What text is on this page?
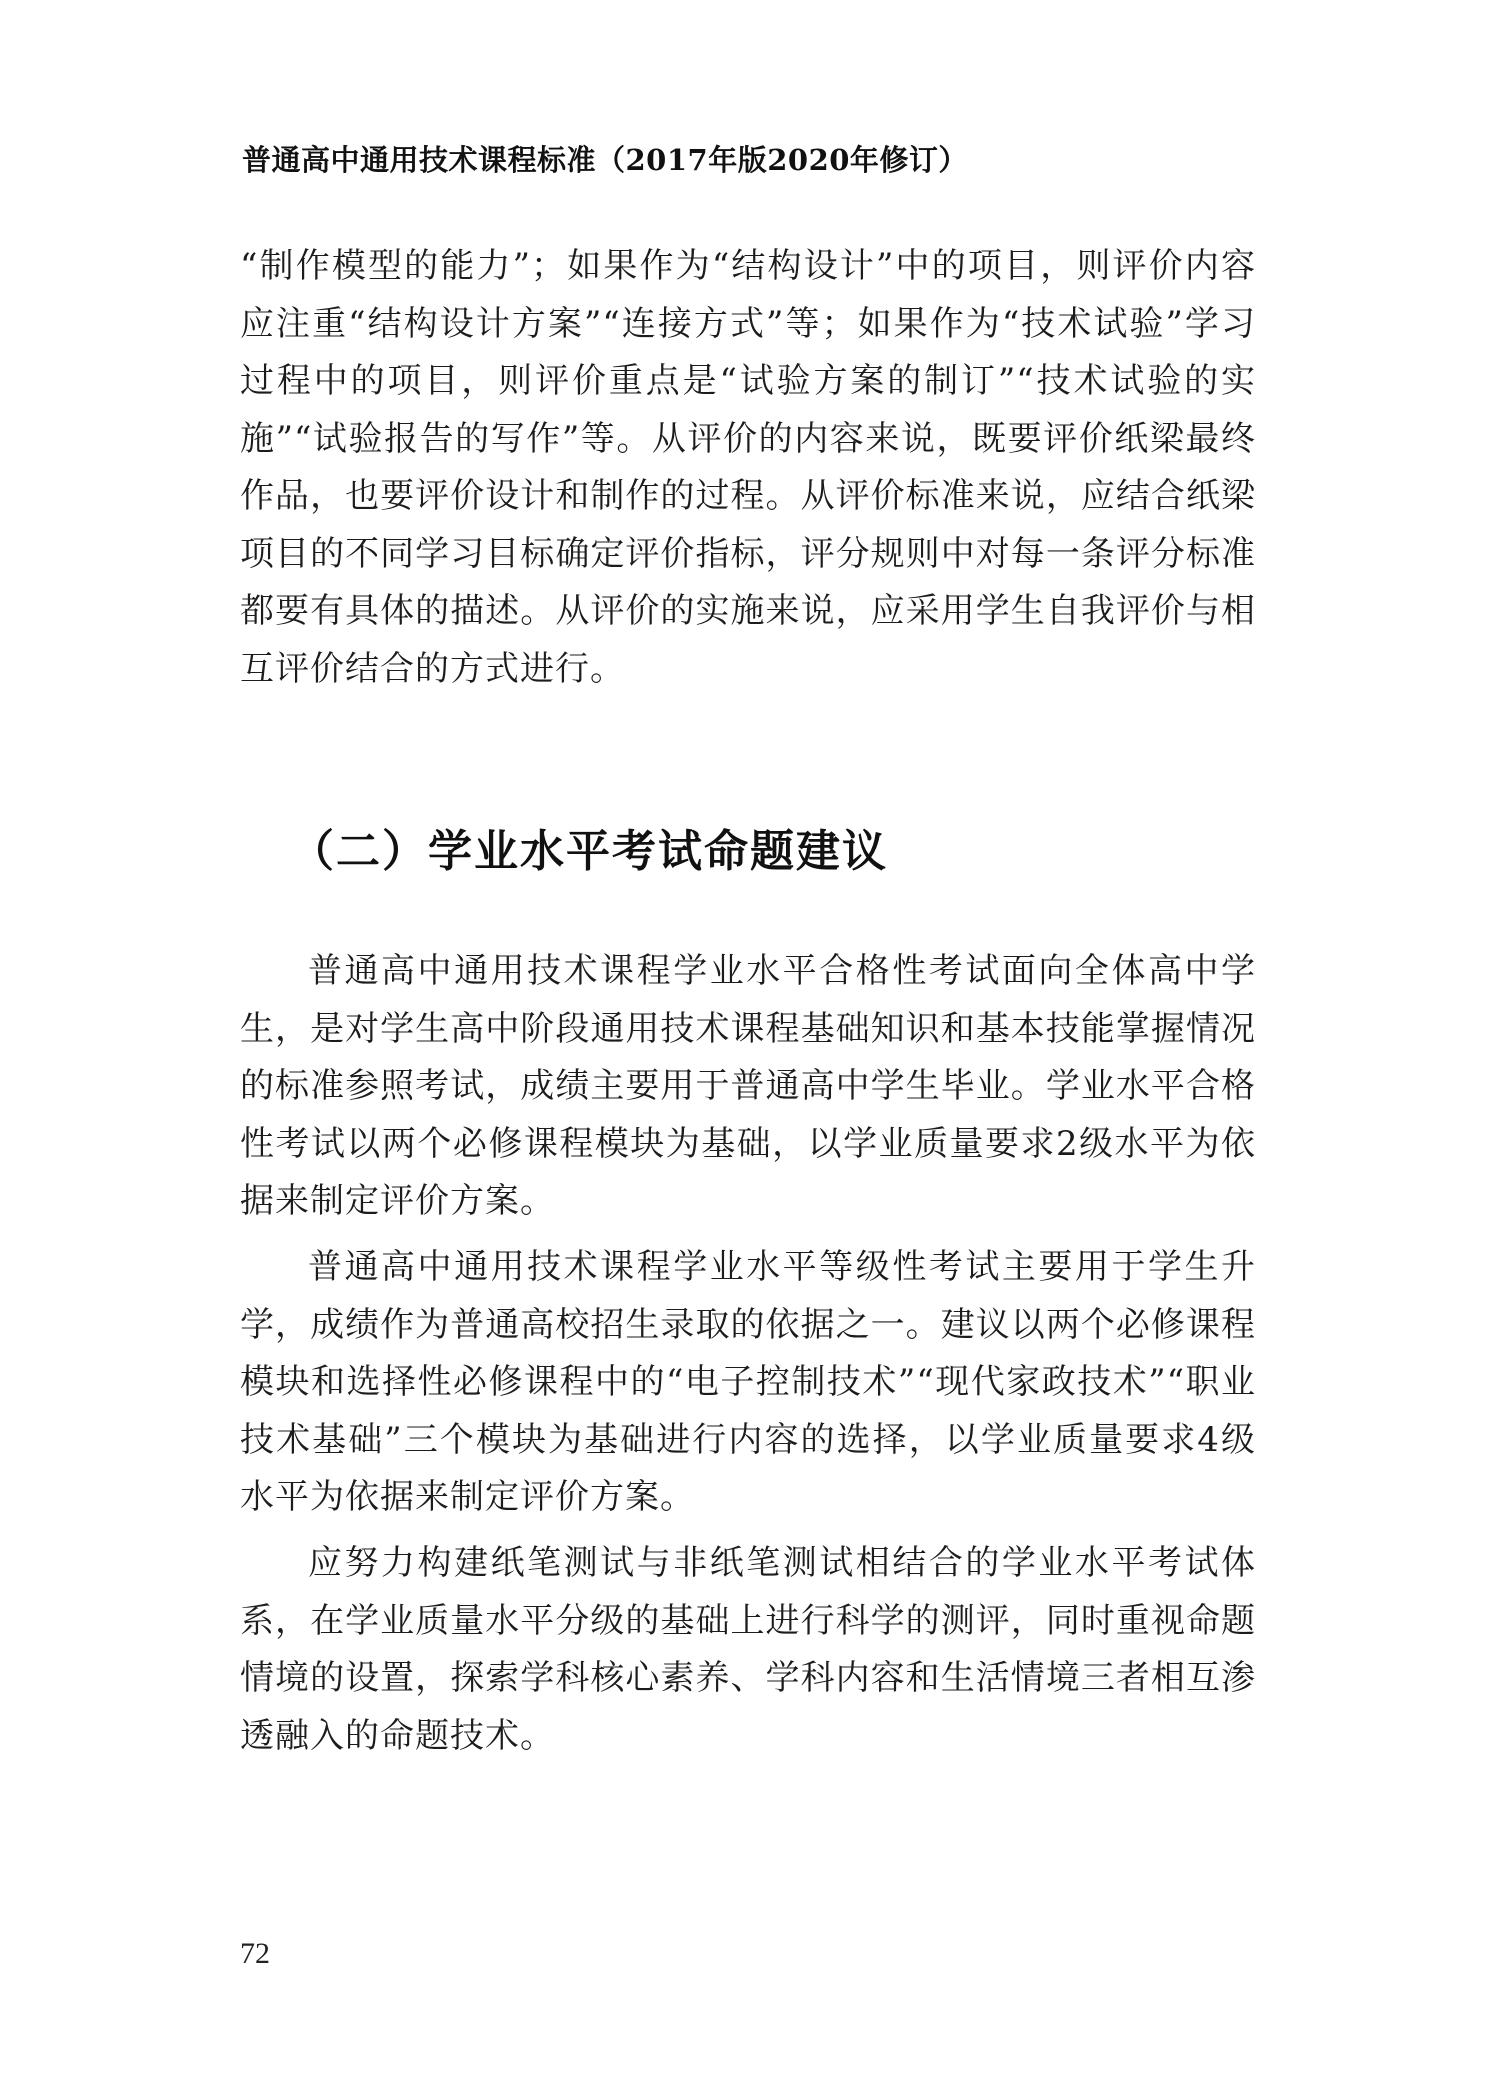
普通高中通用技术课程标准（2017年版2020年修订）

“制作模型的能力”；如果作为“结构设计”中的项目，则评价内容应注重“结构设计方案”“连接方式”等；如果作为“技术试验”学习过程中的项目，则评价重点是“试验方案的制订”“技术试验的实施”“试验报告的写作”等。从评价的内容来说，既要评价纸梁最终作品，也要评价设计和制作的过程。从评价标准来说，应结合纸梁项目的不同学习目标确定评价指标，评分规则中对每一条评分标准都要有具体的描述。从评价的实施来说，应采用学生自我评价与相互评价结合的方式进行。

（二）学业水平考试命题建议

普通高中通用技术课程学业水平合格性考试面向全体高中学生，是对学生高中阶段通用技术课程基础知识和基本技能掌握情况的标准参照考试，成绩主要用于普通高中学生毕业。学业水平合格性考试以两个必修课程模块为基础，以学业质量要求2级水平为依据来制定评价方案。

普通高中通用技术课程学业水平等级性考试主要用于学生升学，成绩作为普通高校招生录取的依据之一。建议以两个必修课程模块和选择性必修课程中的“电子控制技术”“现代家政技术”“职业技术基础”三个模块为基础进行内容的选择，以学业质量要求4级水平为依据来制定评价方案。

应努力构建纸笔测试与非纸笔测试相结合的学业水平考试体系，在学业质量水平分级的基础上进行科学的测评，同时重视命题情境的设置，探索学科核心素养、学科内容和生活情境三者相互渗透融入的命题技术。

72
